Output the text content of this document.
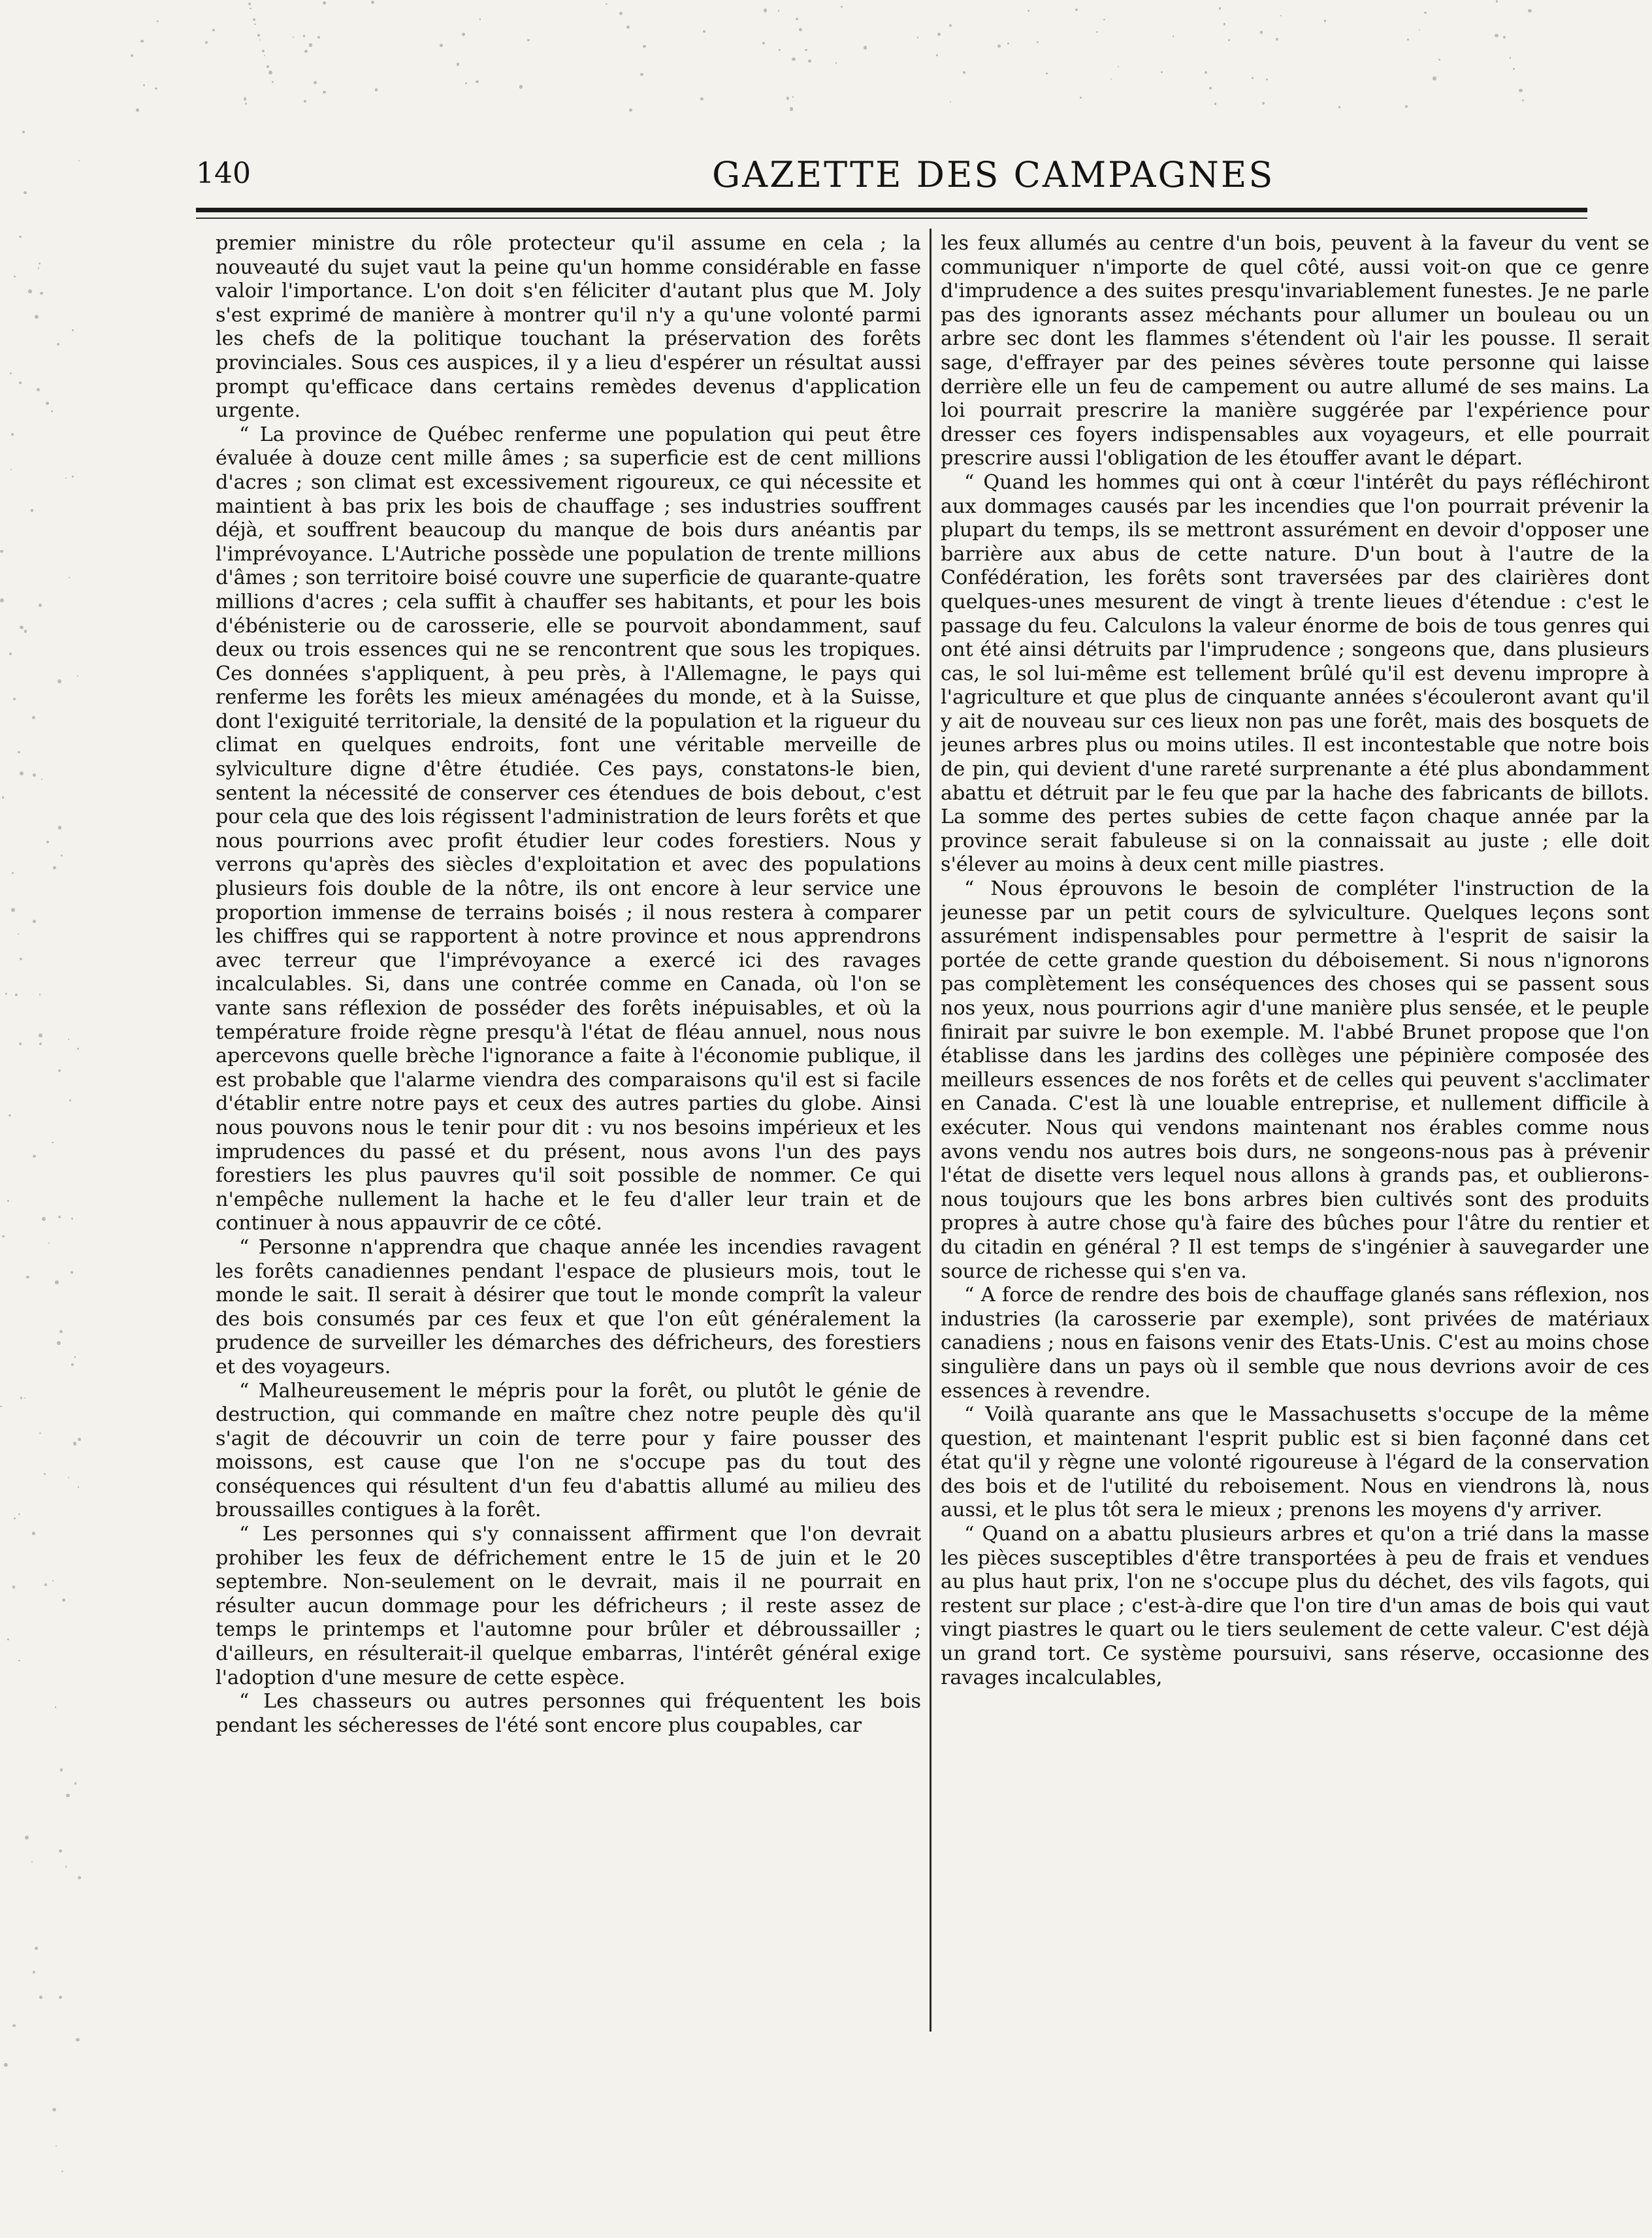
140	GAZETTE DES CAMPAGNES

premier ministre du rôle protecteur qu'il assume en cela ; la nouveauté du sujet vaut la peine qu'un homme considérable en fasse valoir l'importance. L'on doit s'en féliciter d'autant plus que M. Joly s'est exprimé de manière à montrer qu'il n'y a qu'une volonté parmi les chefs de la politique touchant la préservation des forêts provinciales. Sous ces auspices, il y a lieu d'espérer un résultat aussi prompt qu'efficace dans certains remèdes devenus d'application urgente.

“ La province de Québec renferme une population qui peut être évaluée à douze cent mille âmes ; sa superficie est de cent millions d'acres ; son climat est excessivement rigoureux, ce qui nécessite et maintient à bas prix les bois de chauffage ; ses industries souffrent déjà, et souffrent beaucoup du manque de bois durs anéantis par l'imprévoyance. L'Autriche possède une population de trente millions d'âmes ; son territoire boisé couvre une superficie de quarante-quatre millions d'acres ; cela suffit à chauffer ses habitants, et pour les bois d'ébénisterie ou de carosserie, elle se pourvoit abondamment, sauf deux ou trois essences qui ne se rencontrent que sous les tropiques. Ces données s'appliquent, à peu près, à l'Allemagne, le pays qui renferme les forêts les mieux aménagées du monde, et à la Suisse, dont l'exiguité territoriale, la densité de la population et la rigueur du climat en quelques endroits, font une véritable merveille de sylviculture digne d'être étudiée. Ces pays, constatons-le bien, sentent la nécessité de conserver ces étendues de bois debout, c'est pour cela que des lois régissent l'administration de leurs forêts et que nous pourrions avec profit étudier leur codes forestiers. Nous y verrons qu'après des siècles d'exploitation et avec des populations plusieurs fois double de la nôtre, ils ont encore à leur service une proportion immense de terrains boisés ; il nous restera à comparer les chiffres qui se rapportent à notre province et nous apprendrons avec terreur que l'imprévoyance a exercé ici des ravages incalculables. Si, dans une contrée comme en Canada, où l'on se vante sans réflexion de posséder des forêts inépuisables, et où la température froide règne presqu'à l'état de fléau annuel, nous nous apercevons quelle brèche l'ignorance a faite à l'économie publique, il est probable que l'alarme viendra des comparaisons qu'il est si facile d'établir entre notre pays et ceux des autres parties du globe. Ainsi nous pouvons nous le tenir pour dit : vu nos besoins impérieux et les imprudences du passé et du présent, nous avons l'un des pays forestiers les plus pauvres qu'il soit possible de nommer. Ce qui n'empêche nullement la hache et le feu d'aller leur train et de continuer à nous appauvrir de ce côté.

“ Personne n'apprendra que chaque année les incendies ravagent les forêts canadiennes pendant l'espace de plusieurs mois, tout le monde le sait. Il serait à désirer que tout le monde comprît la valeur des bois consumés par ces feux et que l'on eût généralement la prudence de surveiller les démarches des défricheurs, des forestiers et des voyageurs.

“ Malheureusement le mépris pour la forêt, ou plutôt le génie de destruction, qui commande en maître chez notre peuple dès qu'il s'agit de découvrir un coin de terre pour y faire pousser des moissons, est cause que l'on ne s'occupe pas du tout des conséquences qui résultent d'un feu d'abattis allumé au milieu des broussailles contigues à la forêt.

“ Les personnes qui s'y connaissent affirment que l'on devrait prohiber les feux de défrichement entre le 15 de juin et le 20 septembre. Non-seulement on le devrait, mais il ne pourrait en résulter aucun dommage pour les défricheurs ; il reste assez de temps le printemps et l'automne pour brûler et débroussailler ; d'ailleurs, en résulterait-il quelque embarras, l'intérêt général exige l'adoption d'une mesure de cette espèce.

“ Les chasseurs ou autres personnes qui fréquentent les bois pendant les sécheresses de l'été sont encore plus coupables, car

les feux allumés au centre d'un bois, peuvent à la faveur du vent se communiquer n'importe de quel côté, aussi voit-on que ce genre d'imprudence a des suites presqu'invariablement funestes. Je ne parle pas des ignorants assez méchants pour allumer un bouleau ou un arbre sec dont les flammes s'étendent où l'air les pousse. Il serait sage, d'effrayer par des peines sévères toute personne qui laisse derrière elle un feu de campement ou autre allumé de ses mains. La loi pourrait prescrire la manière suggérée par l'expérience pour dresser ces foyers indispensables aux voyageurs, et elle pourrait prescrire aussi l'obligation de les étouffer avant le départ.

“ Quand les hommes qui ont à cœur l'intérêt du pays réfléchiront aux dommages causés par les incendies que l'on pourrait prévenir la plupart du temps, ils se mettront assurément en devoir d'opposer une barrière aux abus de cette nature. D'un bout à l'autre de la Confédération, les forêts sont traversées par des clairières dont quelques-unes mesurent de vingt à trente lieues d'étendue : c'est le passage du feu. Calculons la valeur énorme de bois de tous genres qui ont été ainsi détruits par l'imprudence ; songeons que, dans plusieurs cas, le sol lui-même est tellement brûlé qu'il est devenu impropre à l'agriculture et que plus de cinquante années s'écouleront avant qu'il y ait de nouveau sur ces lieux non pas une forêt, mais des bosquets de jeunes arbres plus ou moins utiles. Il est incontestable que notre bois de pin, qui devient d'une rareté surprenante a été plus abondamment abattu et détruit par le feu que par la hache des fabricants de billots. La somme des pertes subies de cette façon chaque année par la province serait fabuleuse si on la connaissait au juste ; elle doit s'élever au moins à deux cent mille piastres.

“ Nous éprouvons le besoin de compléter l'instruction de la jeunesse par un petit cours de sylviculture. Quelques leçons sont assurément indispensables pour permettre à l'esprit de saisir la portée de cette grande question du déboisement. Si nous n'ignorons pas complètement les conséquences des choses qui se passent sous nos yeux, nous pourrions agir d'une manière plus sensée, et le peuple finirait par suivre le bon exemple. M. l'abbé Brunet propose que l'on établisse dans les jardins des collèges une pépinière composée des meilleurs essences de nos forêts et de celles qui peuvent s'acclimater en Canada. C'est là une louable entreprise, et nullement difficile à exécuter. Nous qui vendons maintenant nos érables comme nous avons vendu nos autres bois durs, ne songeons-nous pas à prévenir l'état de disette vers lequel nous allons à grands pas, et oublierons-nous toujours que les bons arbres bien cultivés sont des produits propres à autre chose qu'à faire des bûches pour l'âtre du rentier et du citadin en général ? Il est temps de s'ingénier à sauvegarder une source de richesse qui s'en va.

“ A force de rendre des bois de chauffage glanés sans réflexion, nos industries (la carosserie par exemple), sont privées de matériaux canadiens ; nous en faisons venir des Etats-Unis. C'est au moins chose singulière dans un pays où il semble que nous devrions avoir de ces essences à revendre.

“ Voilà quarante ans que le Massachusetts s'occupe de la même question, et maintenant l'esprit public est si bien façonné dans cet état qu'il y règne une volonté rigoureuse à l'égard de la conservation des bois et de l'utilité du reboisement. Nous en viendrons là, nous aussi, et le plus tôt sera le mieux ; prenons les moyens d'y arriver.

“ Quand on a abattu plusieurs arbres et qu'on a trié dans la masse les pièces susceptibles d'être transportées à peu de frais et vendues au plus haut prix, l'on ne s'occupe plus du déchet, des vils fagots, qui restent sur place ; c'est-à-dire que l'on tire d'un amas de bois qui vaut vingt piastres le quart ou le tiers seulement de cette valeur. C'est déjà un grand tort. Ce système poursuivi, sans réserve, occasionne des ravages incalculables,
